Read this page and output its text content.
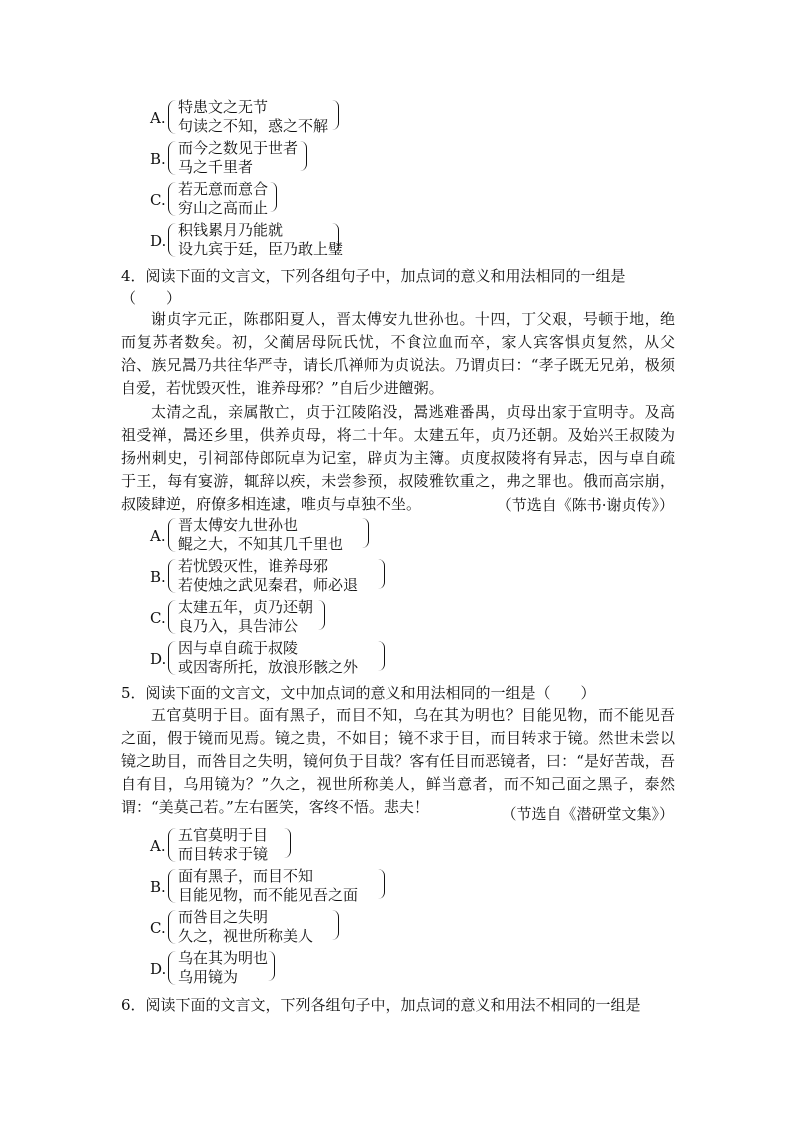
A.
特患文之无节
句读之不知，惑之不解
B.
而今之数见于世者
马之千里者
C.
若无意而意合
穷山之高而止
D.
积钱累月乃能就
设九宾于廷，臣乃敢上璧
4．阅读下面的文言文，下列各组句子中，加点词的意义和用法相同的一组是
（　　）
谢贞字元正，陈郡阳夏人，晋太傅安九世孙也。十四，丁父艰，号顿于地，绝而复苏者数矣。初，父蔺居母阮氏忧，不食泣血而卒，家人宾客惧贞复然，从父洽、族兄暠乃共往华严寺，请长爪禅师为贞说法。乃谓贞曰：“孝子既无兄弟，极须自爱，若忧毁灭性，谁养母邪？”自后少进饘粥。
太清之乱，亲属散亡，贞于江陵陷没，暠逃难番禺，贞母出家于宣明寺。及高祖受禅，暠还乡里，供养贞母，将二十年。太建五年，贞乃还朝。及始兴王叔陵为扬州刺史，引祠部侍郎阮卓为记室，辟贞为主簿。贞度叔陵将有异志，因与卓自疏于王，每有宴游，辄辞以疾，未尝参预，叔陵雅钦重之，弗之罪也。俄而高宗崩，叔陵肆逆，府僚多相连逮，唯贞与卓独不坐。	（节选自《陈书·谢贞传》）
A.
晋太傅安九世孙也
鲲之大，不知其几千里也
B.
若忧毁灭性，谁养母邪
若使烛之武见秦君，师必退
C.
太建五年，贞乃还朝
良乃入，具告沛公
D.
因与卓自疏于叔陵
或因寄所托，放浪形骸之外
5．阅读下面的文言文，文中加点词的意义和用法相同的一组是（　　）
五官莫明于目。面有黑子，而目不知，乌在其为明也？目能见物，而不能见吾之面，假于镜而见焉。镜之贵，不如目；镜不求于目，而目转求于镜。然世未尝以镜之助目，而咎目之失明，镜何负于目哉？客有任目而恶镜者，曰：“是好苦哉，吾自有目，乌用镜为？”久之，视世所称美人，鲜当意者，而不知己面之黑子，泰然谓：“美莫己若。”左右匿笑，客终不悟。悲夫！	（节选自《潜研堂文集》）
A.
五官莫明于目
而目转求于镜
B.
面有黑子，而目不知
目能见物，而不能见吾之面
C.
而咎目之失明
久之，视世所称美人
D.
乌在其为明也
乌用镜为
6．阅读下面的文言文，下列各组句子中，加点词的意义和用法不相同的一组是
